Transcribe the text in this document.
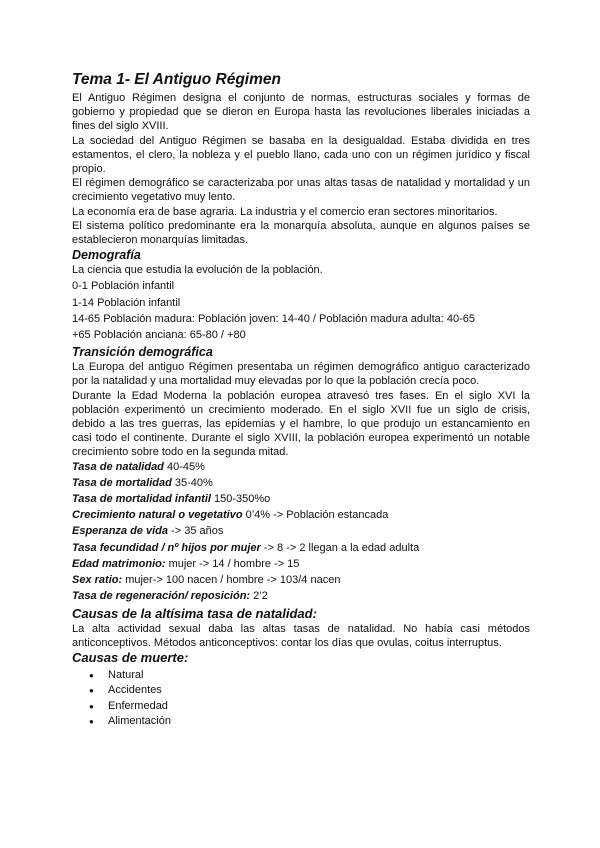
Tema 1- El Antiguo Régimen

El Antiguo Régimen designa el conjunto de normas, estructuras sociales y formas de gobierno y propiedad que se dieron en Europa hasta las revoluciones liberales iniciadas a fines del siglo XVIII.

La sociedad del Antiguo Régimen se basaba en la desigualdad. Estaba dividida en tres estamentos, el clero, la nobleza y el pueblo llano, cada uno con un régimen jurídico y fiscal propio.

El régimen demográfico se caracterizaba por unas altas tasas de natalidad y mortalidad y un crecimiento vegetativo muy lento.

La economía era de base agraria. La industria y el comercio eran sectores minoritarios.

El sistema político predominante era la monarquía absoluta, aunque en algunos países se establecieron monarquías limitadas.

Demografía

La ciencia que estudia la evolución de la población.

0-1 Población infantil

1-14 Población infantil

14-65 Población madura: Población joven: 14-40 / Población madura adulta: 40-65

+65 Población anciana: 65-80 / +80

Transición demográfica

La Europa del antiguo Régimen presentaba un régimen demográfico antiguo caracterizado por la natalidad y una mortalidad muy elevadas por lo que la población crecía poco.

Durante la Edad Moderna la población europea atravesó tres fases. En el siglo XVI la población experimentó un crecimiento moderado. En el siglo XVII fue un siglo de crisis, debido a las tres guerras, las epidemias y el hambre, lo que produjo un estancamiento en casi todo el continente. Durante el siglo XVIII, la población europea experimentó un notable crecimiento sobre todo en la segunda mitad.

Tasa de natalidad 40-45%

Tasa de mortalidad 35-40%

Tasa de mortalidad infantil 150-350%o

Crecimiento natural o vegetativo 0’4% -> Población estancada

Esperanza de vida -> 35 años

Tasa fecundidad / nº hijos por mujer -> 8 -> 2 llegan a la edad adulta

Edad matrimonio: mujer -> 14 / hombre -> 15

Sex ratio: mujer-> 100 nacen / hombre -> 103/4 nacen

Tasa de regeneración/ reposición: 2’2

Causas de la altísima tasa de natalidad:

La alta actividad sexual daba las altas tasas de natalidad. No había casi métodos anticonceptivos. Métodos anticonceptivos: contar los días que ovulas, coitus interruptus.

Causas de muerte:
● Natural
● Accidentes
● Enfermedad
● Alimentación
